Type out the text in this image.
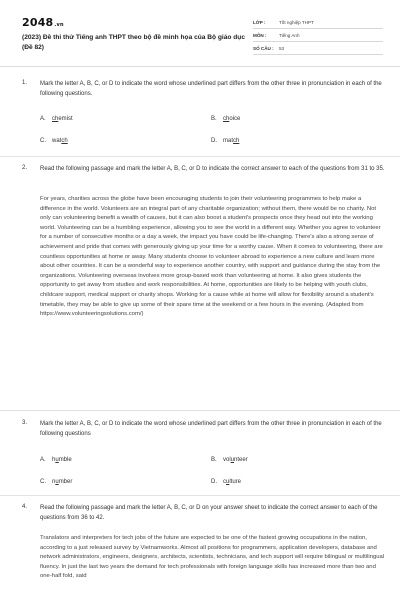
2048.vn
(2023) Đề thi thử Tiếng anh THPT theo bộ đề minh họa của Bộ giáo dục (Đề 82)
LỚP :	Tốt nghiệp THPT
MÔN :	Tiếng Anh
SỐ CÂU :	53
1. Mark the letter A, B, C, or D to indicate the word whose underlined part differs from the other three in pronunciation in each of the following questions.
A. chemist	B. choice
C. watch	D. match
2. Read the following passage and mark the letter A, B, C, or D to indicate the correct answer to each of the questions from 31 to 35.

For years, charities across the globe have been encouraging students to join their volunteering programmes to help make a difference in the world. Volunteers are an integral part of any charitable organization; without them, there would be no charity. Not only can volunteering benefit a wealth of causes, but it can also boost a student's prospects once they head out into the working world. Volunteering can be a humbling experience, allowing you to see the world in a different way. Whether you agree to volunteer for a number of consecutive months or a day a week, the impact you have could be life-changing. There's also a strong sense of achievement and pride that comes with generously giving up your time for a worthy cause. When it comes to volunteering, there are countless opportunities at home or away. Many students choose to volunteer abroad to experience a new culture and learn more about other countries. It can be a wonderful way to experience another country, with support and guidance during the stay from the organizations. Volunteering overseas involves more group-based work than volunteering at home. It also gives students the opportunity to get away from studies and work responsibilities. At home, opportunities are likely to be helping with youth clubs, childcare support, medical support or charity shops. Working for a cause while at home will allow for flexibility around a student's timetable, they may be able to give up some of their spare time at the weekend or a few hours in the evening. (Adapted from https://www.volunteeringsolutions.com/)

3. Mark the letter A, B, C, or D to indicate the word whose underlined part differs from the other three in pronunciation in each of the following questions
A. humble	B. volunteer
C. number	D. culture
4. Read the following passage and mark the letter A, B, C, or D on your answer sheet to indicate the correct answer to each of the questions from 36 to 42.

Translators and interpreters for tech jobs of the future are expected to be one of the fastest growing occupations in the nation, according to a just released survey by Vietnamworks. Almost all positions for programmers, application developers, database and network administrators, engineers, designers, architects, scientists, technicians, and tech support will require bilingual or multilingual fluency. In just the last two years the demand for tech professionals with foreign language skills has increased more than two and one-half fold, said
